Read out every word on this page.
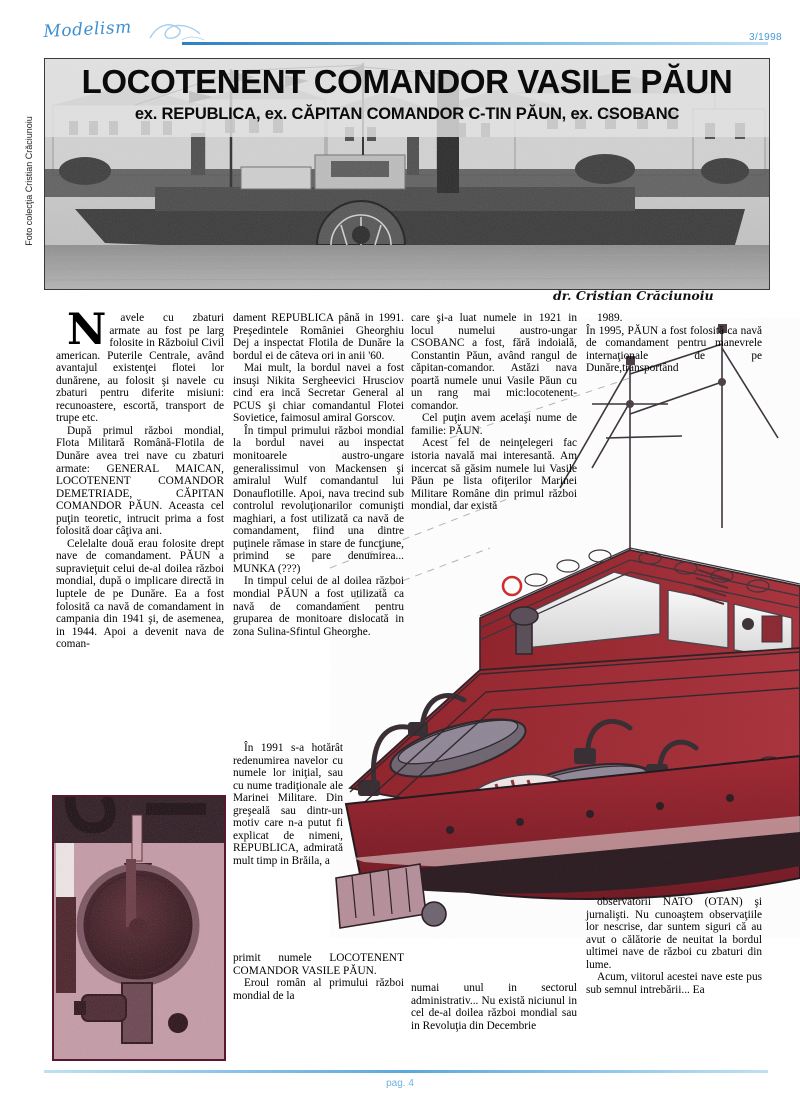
Modelism	3/1998
LOCOTENENT COMANDOR VASILE PĂUN
ex. REPUBLICA, ex. CĂPITAN COMANDOR C-TIN PĂUN, ex. CSOBANC
Foto colecţia Cristian Crăciunoiu
dr. Cristian Crăciunoiu

N avele cu zbaturi armate au fost pe larg folosite in Războiul Civil american. Puterile Centrale, având avantajul existenţei flotei lor dunărene, au folosit şi navele cu zbaturi pentru diferite misiuni: recunoastere, escortă, transport de trupe etc.

După primul război mondial, Flota Militară Română-Flotila de Dunăre avea trei nave cu zbaturi armate: GENERAL MAICAN, LOCOTENENT COMANDOR DEMETRIADE, CĂPITAN COMANDOR PĂUN. Aceasta cel puţin teoretic, intrucit prima a fost folosită doar câţiva ani.

Celelalte două erau folosite drept nave de comandament. PĂUN a supravieţuit celui de-al doilea război mondial, după o implicare directă in luptele de pe Dunăre. Ea a fost folosită ca navă de comandament in campania din 1941 şi, de asemenea, in 1944. Apoi a devenit nava de coman-

dament REPUBLICA până in 1991. Preşedintele României Gheorghiu Dej a inspectat Flotila de Dunăre la bordul ei de câteva ori in anii '60.

Mai mult, la bordul navei a fost insuşi Nikita Sergheevici Hrusciov cind era incă Secretar General al PCUS şi chiar comandantul Flotei Sovietice, faimosul amiral Gorscov.

În timpul primului război mondial la bordul navei au inspectat monitoarele austro-ungare generalissimul von Mackensen şi amiralul Wulf comandantul lui Donauflotille. Apoi, nava trecind sub controlul revoluţionarilor comunişti maghiari, a fost utilizată ca navă de comandament, fiind una dintre puţinele rămase in stare de funcţiune, primind se pare denumirea... MUNKA (???)

In timpul celui de al doilea război mondial PĂUN a fost utilizată ca navă de comandament pentru gruparea de monitoare dislocată in zona Sulina-Sfintul Gheorghe.

În 1991 s-a hotărât redenumirea navelor cu numele lor iniţial, sau cu nume tradiţionale ale Marinei Militare. Din greşeală sau dintr-un motiv care n-a putut fi explicat de nimeni, REPUBLICA, admirată mult timp in Brăila, a

primit numele LOCOTENENT COMANDOR VASILE PĂUN.

Eroul român al primului război mondial de la

care şi-a luat numele in 1921 in locul numelui austro-ungar CSOBANC a fost, fără indoială, Constantin Păun, având rangul de căpitan-comandor. Astăzi nava poartă numele unui Vasile Păun cu un rang mai mic:locotenent-comandor.

Cel puţin avem acelaşi nume de familie: PĂUN.

Acest fel de neinţelegeri fac istoria navală mai interesantă. Am incercat să găsim numele lui Vasile Păun pe lista ofiţerilor Marinei Militare Române din primul război mondial, dar există

1989.

În 1995, PĂUN a fost folosită ca navă de comandament pentru manevrele internaţionale de pe Dunăre,transportând

numai unul in sectorul administrativ... Nu există niciunul in cel de-al doilea război mondial sau in Revoluţia din Decembrie

observatorii NATO (OTAN) şi jurnalişti. Nu cunoaştem observaţiile lor nescrise, dar suntem siguri că au avut o călătorie de neuitat la bordul ultimei nave de război cu zbaturi din lume.

Acum, viitorul acestei nave este pus sub semnul intrebării... Ea

pag. 4
